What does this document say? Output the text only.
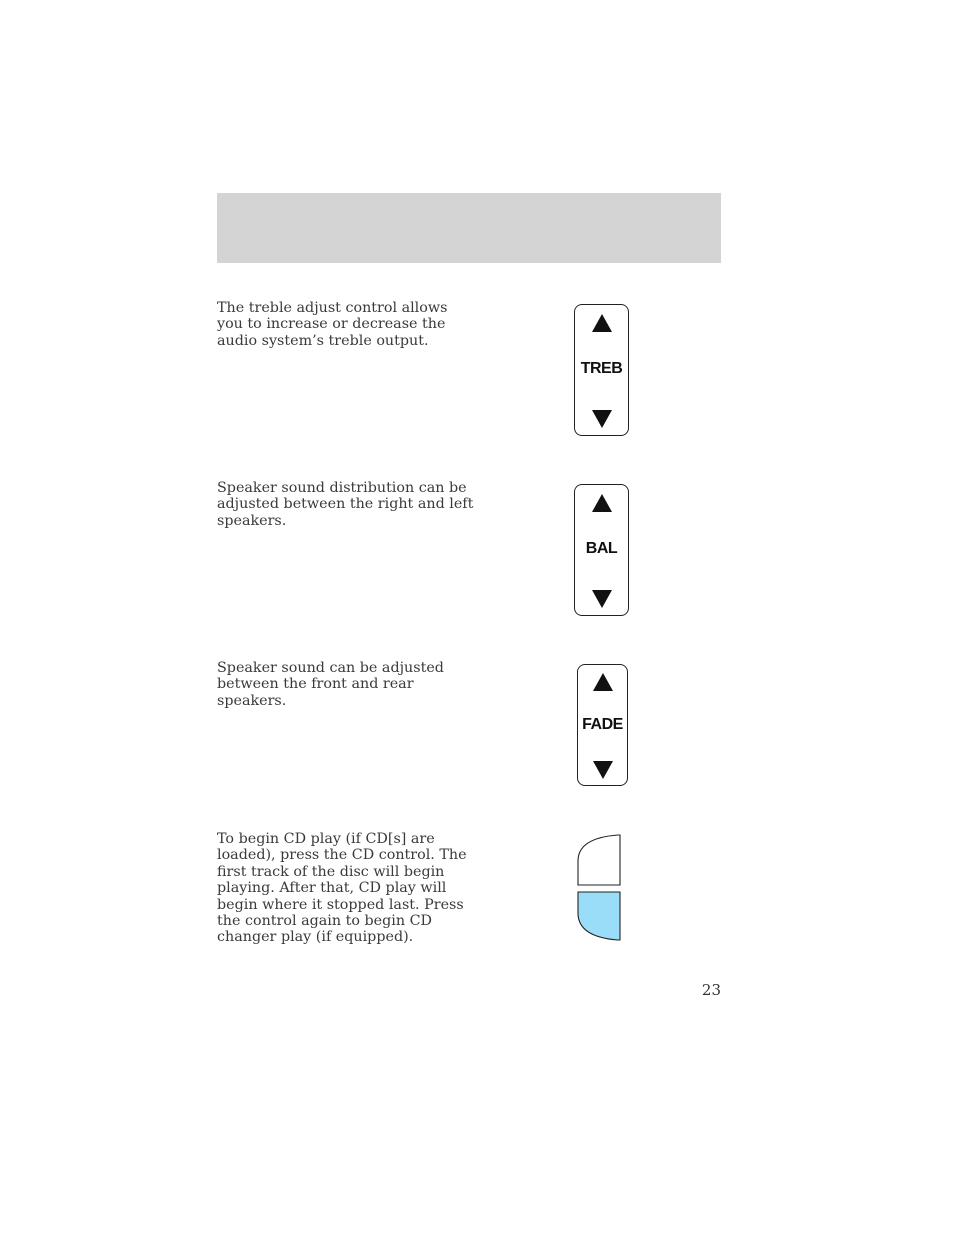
The treble adjust control allows you to increase or decrease the audio system’s treble output.
TREB
Speaker sound distribution can be adjusted between the right and left speakers.
BAL
Speaker sound can be adjusted between the front and rear speakers.
FADE
To begin CD play (if CD[s] are loaded), press the CD control. The first track of the disc will begin playing. After that, CD play will begin where it stopped last. Press the control again to begin CD changer play (if equipped).
23
